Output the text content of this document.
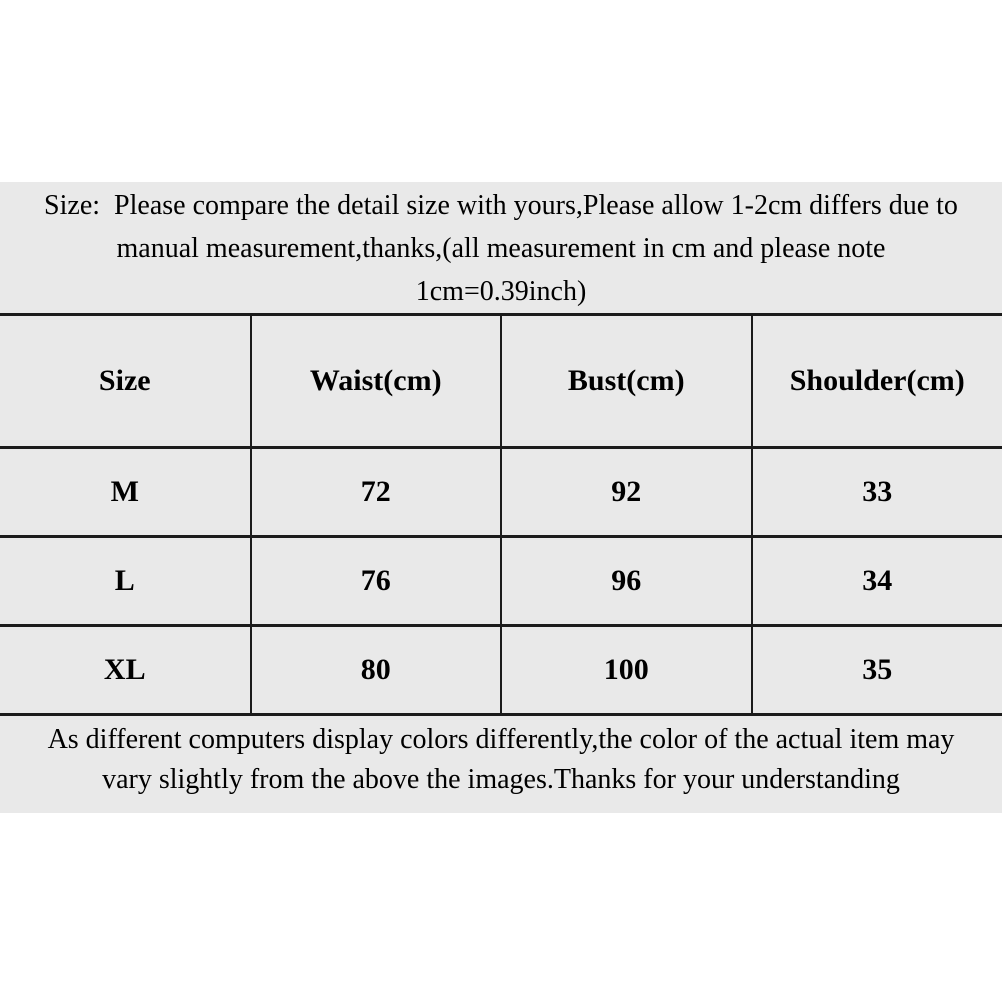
Size:  Please compare the detail size with yours,Please allow 1-2cm differs due to
manual measurement,thanks,(all measurement in cm and please note
1cm=0.39inch)
Size	Waist(cm)	Bust(cm)	Shoulder(cm)
M	72	92	33
L	76	96	34
XL	80	100	35
As different computers display colors differently,the color of the actual item may
vary slightly from the above the images.Thanks for your understanding
